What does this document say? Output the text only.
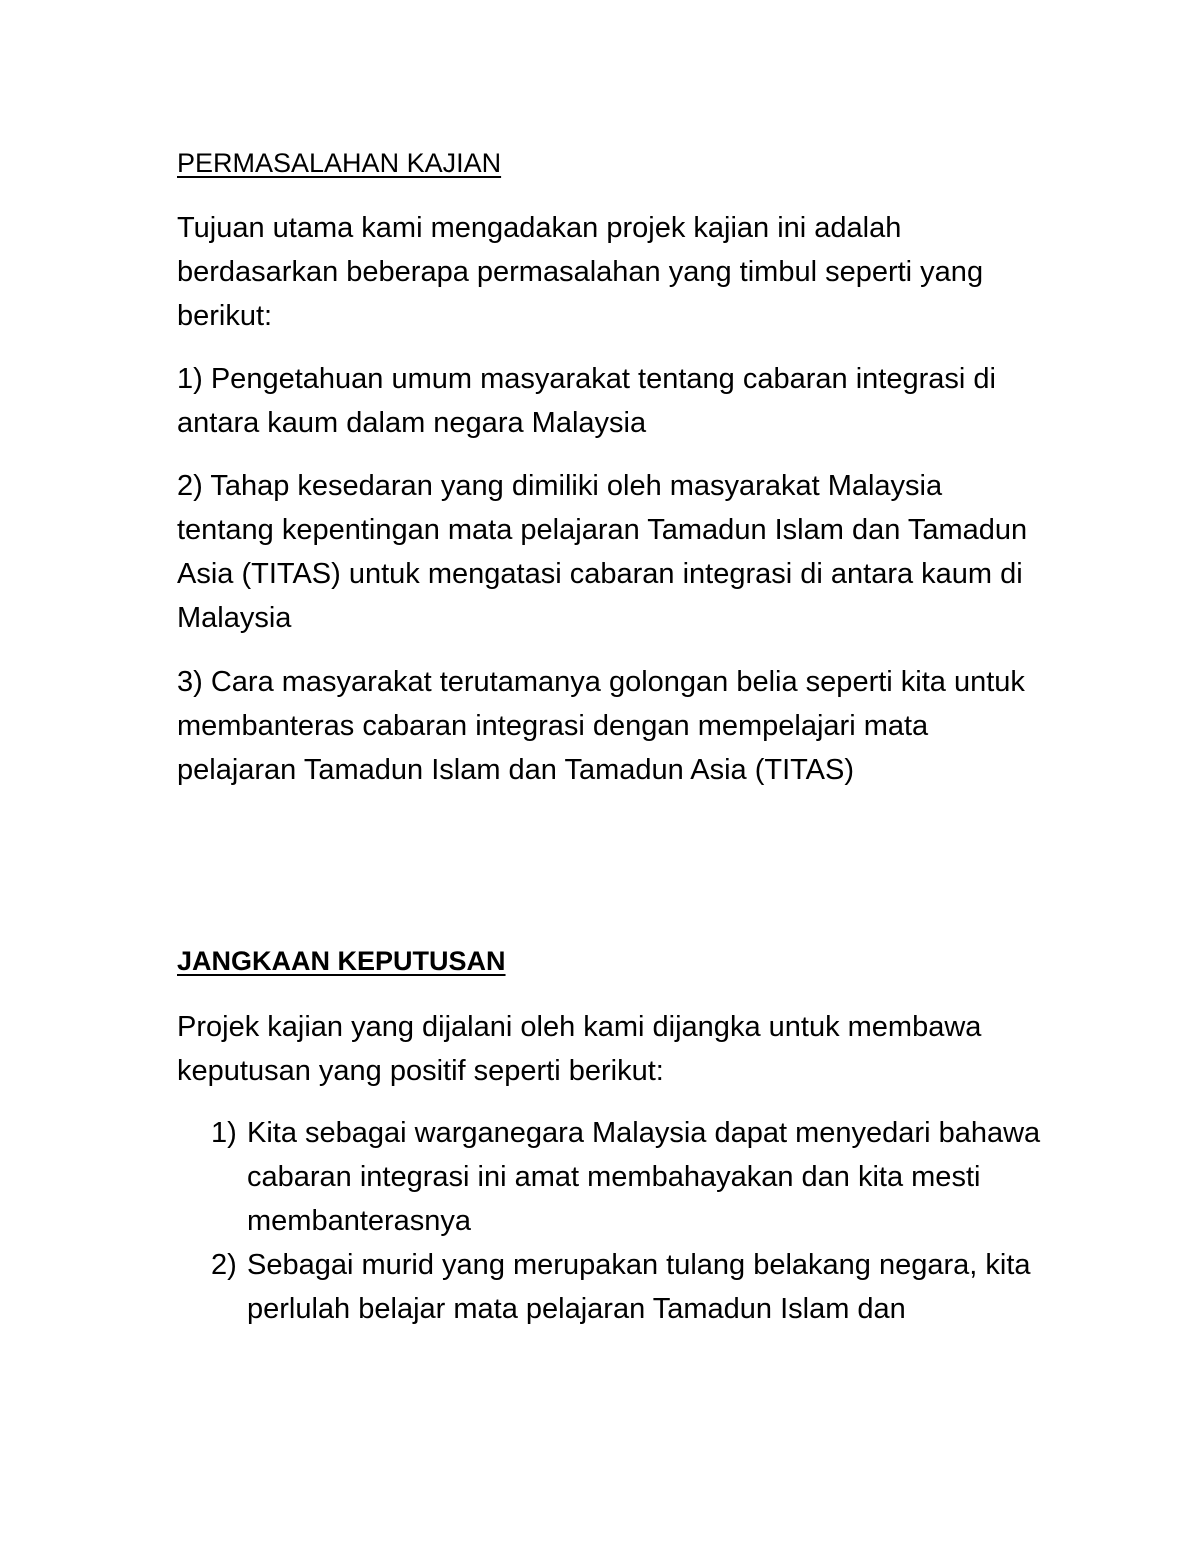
PERMASALAHAN KAJIAN
Tujuan utama kami mengadakan projek kajian ini adalah
berdasarkan beberapa permasalahan yang timbul seperti yang
berikut:
1) Pengetahuan umum masyarakat tentang cabaran integrasi di
antara kaum dalam negara Malaysia
2) Tahap kesedaran yang dimiliki oleh masyarakat Malaysia
tentang kepentingan mata pelajaran Tamadun Islam dan Tamadun
Asia (TITAS) untuk mengatasi cabaran integrasi di antara kaum di
Malaysia
3) Cara masyarakat terutamanya golongan belia seperti kita untuk
membanteras cabaran integrasi dengan mempelajari mata
pelajaran Tamadun Islam dan Tamadun Asia (TITAS)
JANGKAAN KEPUTUSAN
Projek kajian yang dijalani oleh kami dijangka untuk membawa
keputusan yang positif seperti berikut:
1) Kita sebagai warganegara Malaysia dapat menyedari bahawa
cabaran integrasi ini amat membahayakan dan kita mesti
membanterasnya
2) Sebagai murid yang merupakan tulang belakang negara, kita
perlulah belajar mata pelajaran Tamadun Islam dan
